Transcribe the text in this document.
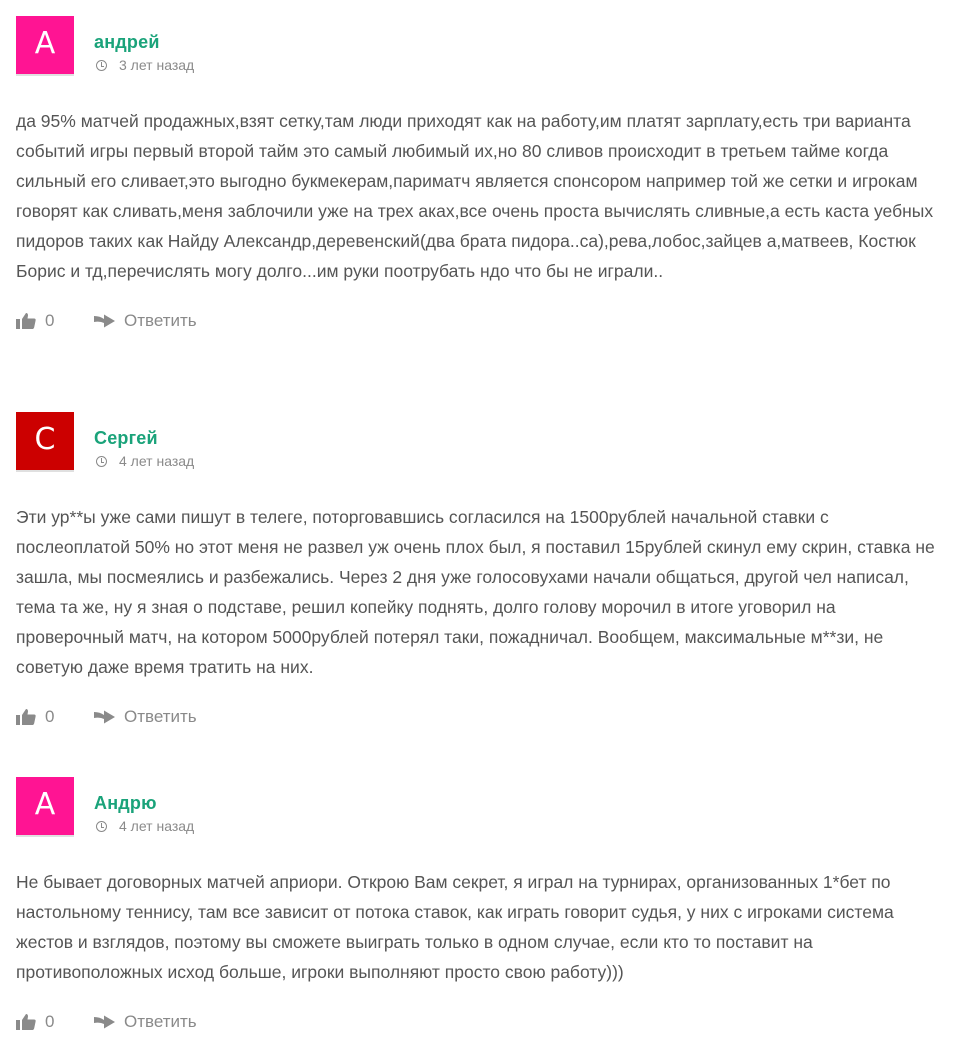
А	андрей
3 лет назад
да 95% матчей продажных,взят сетку,там люди приходят как на работу,им платят зарплату,есть три варианта событий игры первый второй тайм это самый любимый их,но 80 сливов происходит в третьем тайме когда сильный его сливает,это выгодно букмекерам,париматч является спонсором например той же сетки и игрокам говорят как сливать,меня заблочили уже на трех аках,все очень проста вычислять сливные,а есть каста уебных пидоров таких как Найду Александр,деревенский(два брата пидора..са),рева,лобос,зайцев а,матвеев, Костюк Борис и тд,перечислять могу долго...им руки поотрубать ндо что бы не играли..
0	Ответить
С	Сергей
4 лет назад
Эти ур**ы уже сами пишут в телеге, поторговавшись согласился на 1500рублей начальной ставки с послеоплатой 50% но этот меня не развел уж очень плох был, я поставил 15рублей скинул ему скрин, ставка не зашла, мы посмеялись и разбежались. Через 2 дня уже голосовухами начали общаться, другой чел написал, тема та же, ну я зная о подставе, решил копейку поднять, долго голову морочил в итоге уговорил на проверочный матч, на котором 5000рублей потерял таки, пожадничал. Вообщем, максимальные м**зи, не советую даже время тратить на них.
0	Ответить
А	Андрю
4 лет назад
Не бывает договорных матчей априори. Открою Вам секрет, я играл на турнирах, организованных 1*бет по настольному теннису, там все зависит от потока ставок, как играть говорит судья, у них с игроками система жестов и взглядов, поэтому вы сможете выиграть только в одном случае, если кто то поставит на противоположных исход больше, игроки выполняют просто свою работу)))
0	Ответить
